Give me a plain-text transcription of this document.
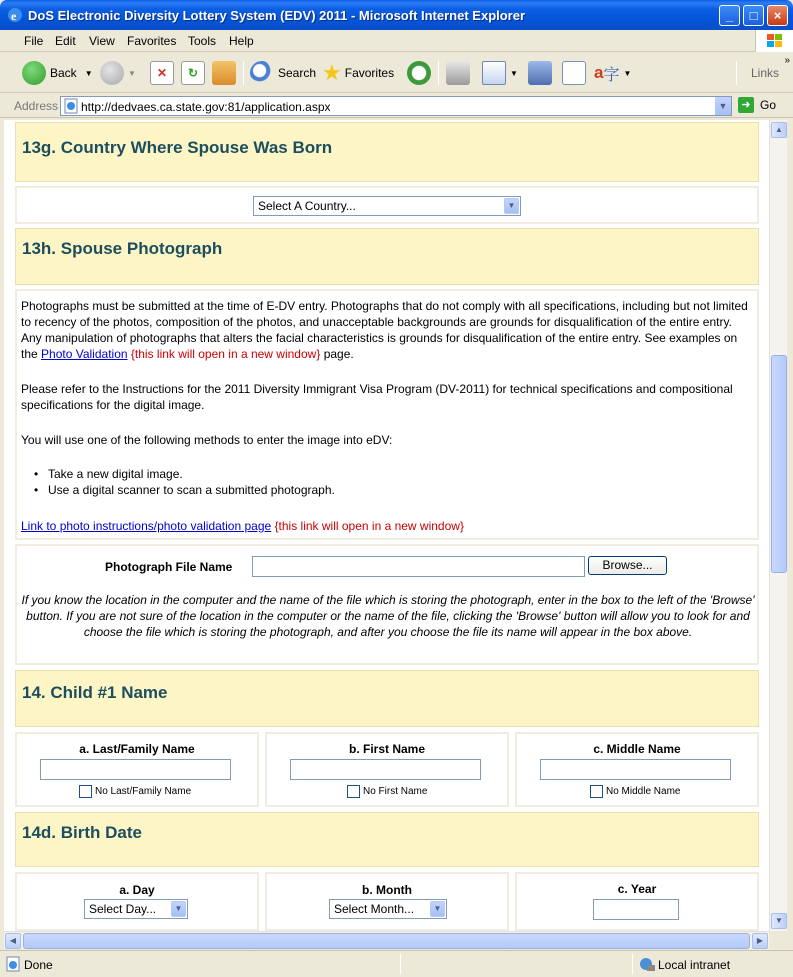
e DoS Electronic Diversity Lottery System (EDV) 2011 - Microsoft Internet Explorer	_	□	×
File Edit View Favorites Tools Help
Back ▼	▼	✕	↻	Search ★ Favorites	▼	a 字 ▼	Links
»
Address http://dedvaes.ca.state.gov:81/application.aspx	▼	➜ Go
13g. Country Where Spouse Was Born
Select A Country...	▼
13h. Spouse Photograph
Photographs must be submitted at the time of E-DV entry. Photographs that do not comply with all specifications, including but not limited to recency of the photos, composition of the photos, and unacceptable backgrounds are grounds for disqualification of the entire entry. Any manipulation of photographs that alters the facial characteristics is grounds for disqualification of the entire entry. See examples on the Photo Validation {this link will open in a new window} page.
Please refer to the Instructions for the 2011 Diversity Immigrant Visa Program (DV-2011) for technical specifications and compositional specifications for the digital image.
You will use one of the following methods to enter the image into eDV:
• Take a new digital image.
• Use a digital scanner to scan a submitted photograph.
Link to photo instructions/photo validation page {this link will open in a new window}
Photograph File Name	Browse...
If you know the location in the computer and the name of the file which is storing the photograph, enter in the box to the left of the 'Browse' button. If you are not sure of the location in the computer or the name of the file, clicking the 'Browse' button will allow you to look for and choose the file which is storing the photograph, and after you choose the file its name will appear in the box above.
14. Child #1 Name
a. Last/Family Name
No Last/Family Name
b. First Name
No First Name
c. Middle Name
No Middle Name
14d. Birth Date
a. Day
Select Day...	▼
b. Month
Select Month...	▼
c. Year
▲
▼
◀	▶
Done	Local intranet
